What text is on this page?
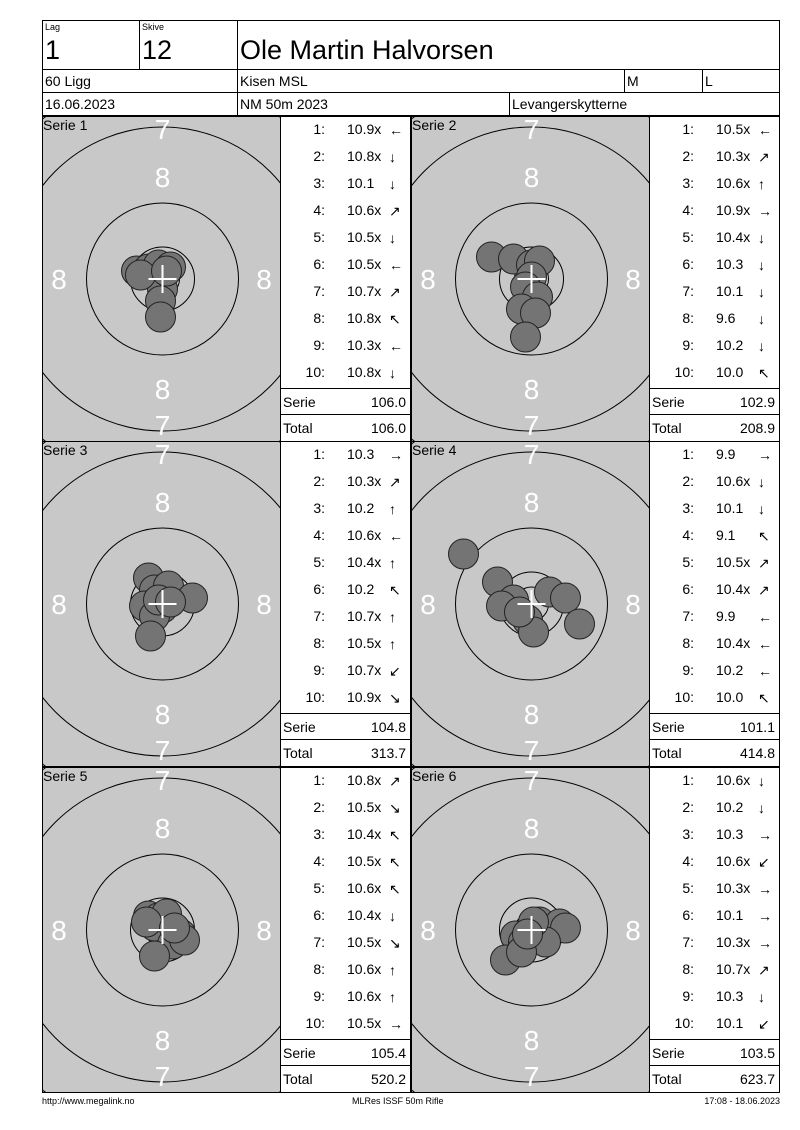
Lag
1
Skive
12	Ole Martin Halvorsen
60 Ligg	Kisen MSL	M	L
16.06.2023	NM 50m 2023	Levangerskytterne
7
8
8
7
8	8
Serie 1	1: 10.9x ←
2: 10.8x ↓
3: 10.1 ↓
4: 10.6x ↗
5: 10.5x ↓
6: 10.5x ←
7: 10.7x ↗
8: 10.8x ↖
9: 10.3x ←
10: 10.8x ↓
Serie	106.0
Total	106.0
7
8
8
7
8	8
Serie 2	1: 10.5x ←
2: 10.3x ↗
3: 10.6x ↑
4: 10.9x →
5: 10.4x ↓
6: 10.3 ↓
7: 10.1 ↓
8: 9.6 ↓
9: 10.2 ↓
10: 10.0 ↖
Serie	102.9
Total	208.9
7
8
8
7
8	8
Serie 3	1: 10.3 →
2: 10.3x ↗
3: 10.2 ↑
4: 10.6x ←
5: 10.4x ↑
6: 10.2 ↖
7: 10.7x ↑
8: 10.5x ↑
9: 10.7x ↙
10: 10.9x ↘
Serie	104.8
Total	313.7
7
8
8
7
8	8
Serie 4	1: 9.9 →
2: 10.6x ↓
3: 10.1 ↓
4: 9.1 ↖
5: 10.5x ↗
6: 10.4x ↗
7: 9.9 ←
8: 10.4x ←
9: 10.2 ←
10: 10.0 ↖
Serie	101.1
Total	414.8
7
8
8
7
8	8
Serie 5	1: 10.8x ↗
2: 10.5x ↘
3: 10.4x ↖
4: 10.5x ↖
5: 10.6x ↖
6: 10.4x ↓
7: 10.5x ↘
8: 10.6x ↑
9: 10.6x ↑
10: 10.5x →
Serie	105.4
Total	520.2
7
8
8
7
8	8
Serie 6	1: 10.6x ↓
2: 10.2 ↓
3: 10.3 →
4: 10.6x ↙
5: 10.3x →
6: 10.1 →
7: 10.3x →
8: 10.7x ↗
9: 10.3 ↓
10: 10.1 ↙
Serie	103.5
Total	623.7
http://www.megalink.no	MLRes ISSF 50m Rifle	17:08 - 18.06.2023
